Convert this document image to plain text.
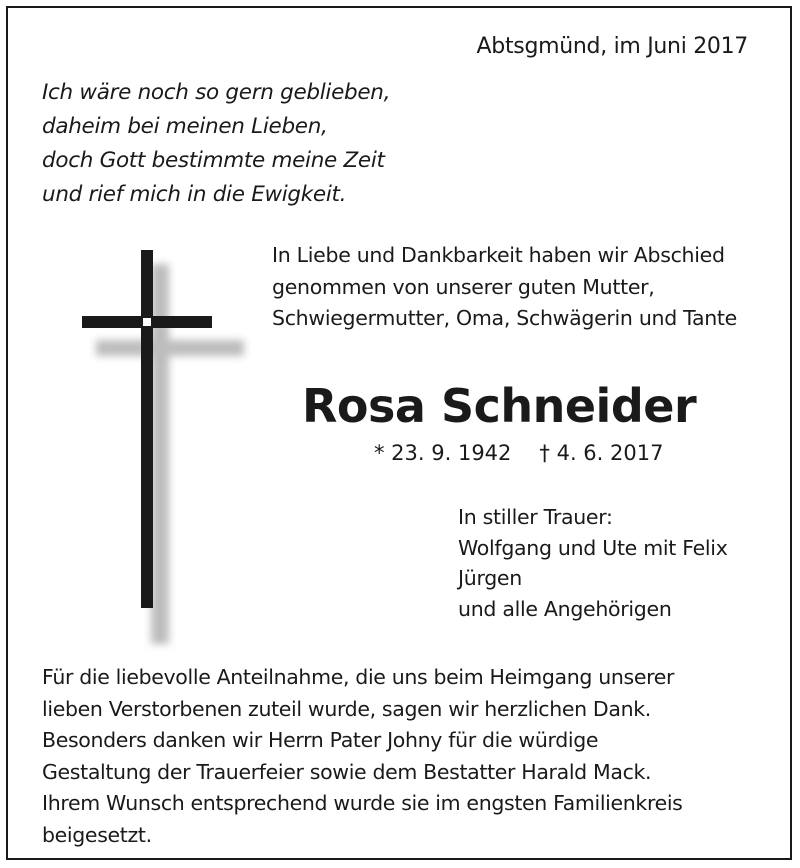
Abtsgmünd, im Juni 2017
Ich wäre noch so gern geblieben,
daheim bei meinen Lieben,
doch Gott bestimmte meine Zeit
und rief mich in die Ewigkeit.
In Liebe und Dankbarkeit haben wir Abschied
genommen von unserer guten Mutter,
Schwiegermutter, Oma, Schwägerin und Tante
Rosa Schneider
* 23. 9. 1942 † 4. 6. 2017
In stiller Trauer:
Wolfgang und Ute mit Felix
Jürgen
und alle Angehörigen
Für die liebevolle Anteilnahme, die uns beim Heimgang unserer
lieben Verstorbenen zuteil wurde, sagen wir herzlichen Dank.
Besonders danken wir Herrn Pater Johny für die würdige
Gestaltung der Trauerfeier sowie dem Bestatter Harald Mack.
Ihrem Wunsch entsprechend wurde sie im engsten Familienkreis
beigesetzt.
